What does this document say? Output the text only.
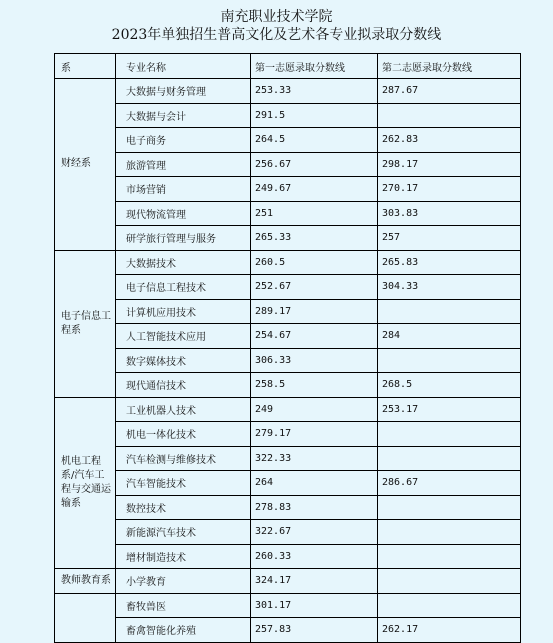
南充职业技术学院
2023年单独招生普高文化及艺术各专业拟录取分数线
系	专业名称	第一志愿录取分数线	第二志愿录取分数线
财经系	大数据与财务管理	253.33	287.67
	大数据与会计	291.5	
	电子商务	264.5	262.83
	旅游管理	256.67	298.17
	市场营销	249.67	270.17
	现代物流管理	251	303.83
	研学旅行管理与服务	265.33	257
电子信息工程系	大数据技术	260.5	265.83
	电子信息工程技术	252.67	304.33
	计算机应用技术	289.17	
	人工智能技术应用	254.67	284
	数字媒体技术	306.33	
	现代通信技术	258.5	268.5
机电工程系/汽车工程与交通运输系	工业机器人技术	249	253.17
	机电一体化技术	279.17	
	汽车检测与维修技术	322.33	
	汽车智能技术	264	286.67
	数控技术	278.83	
	新能源汽车技术	322.67	
	增材制造技术	260.33	
教师教育系	小学教育	324.17	
	畜牧兽医	301.17	
	畜禽智能化养殖	257.83	262.17
